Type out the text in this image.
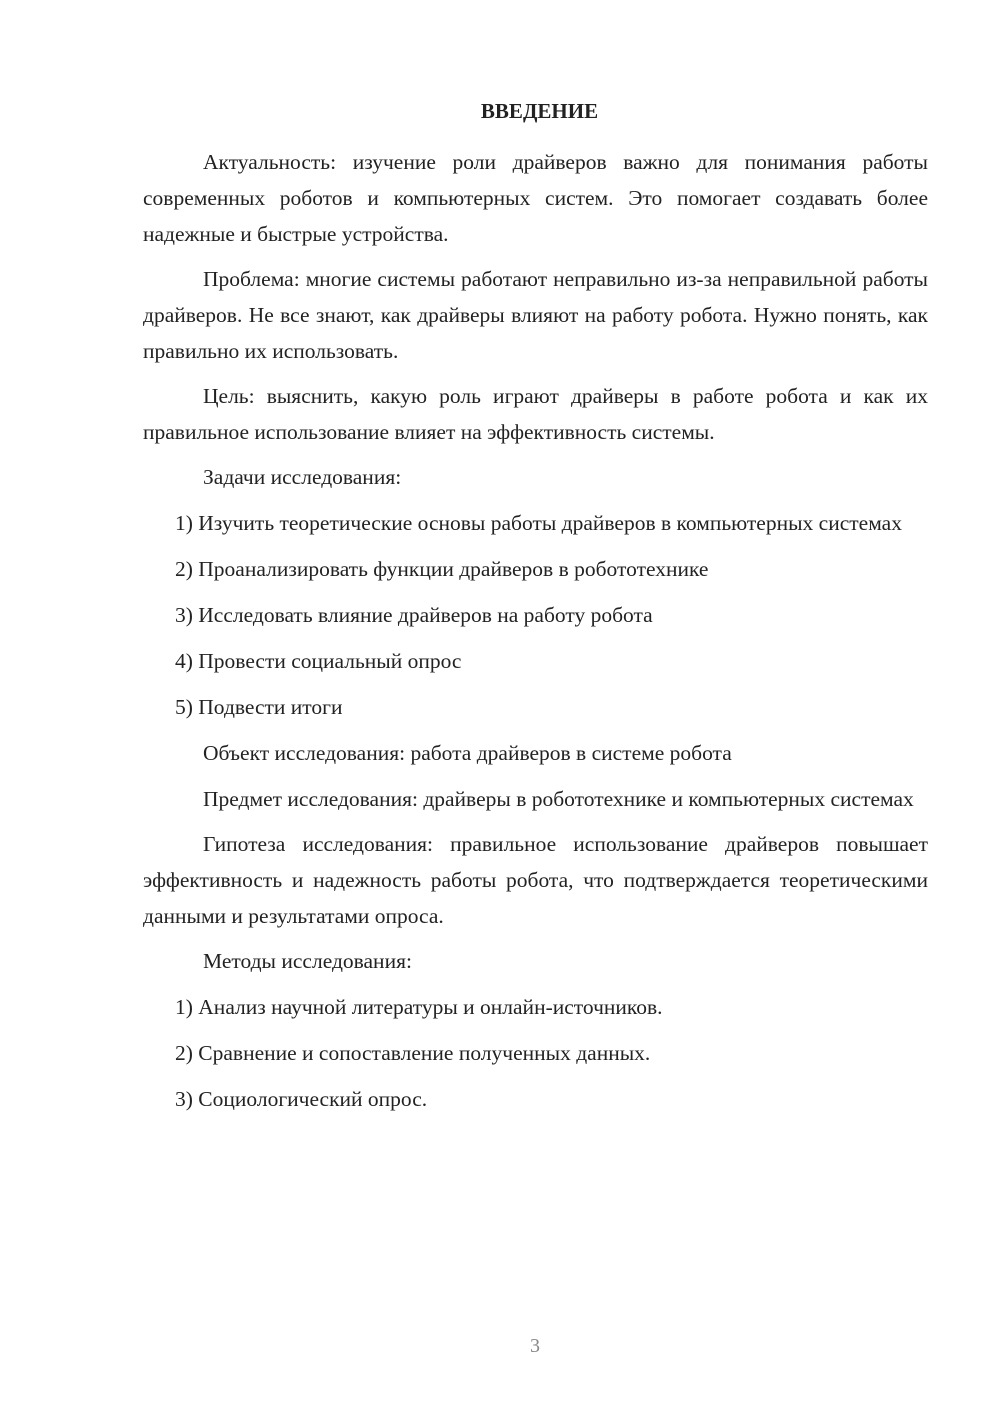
ВВЕДЕНИЕ

Актуальность: изучение роли драйверов важно для понимания работы современных роботов и компьютерных систем. Это помогает создавать более надежные и быстрые устройства.

Проблема: многие системы работают неправильно из-за неправильной работы драйверов. Не все знают, как драйверы влияют на работу робота. Нужно понять, как правильно их использовать.

Цель: выяснить, какую роль играют драйверы в работе робота и как их правильное использование влияет на эффективность системы.

Задачи исследования:

1) Изучить теоретические основы работы драйверов в компьютерных системах

2) Проанализировать функции драйверов в робототехнике

3) Исследовать влияние драйверов на работу робота

4) Провести социальный опрос

5) Подвести итоги

Объект исследования: работа драйверов в системе робота

Предмет исследования: драйверы в робототехнике и компьютерных системах

Гипотеза исследования: правильное использование драйверов повышает эффективность и надежность работы робота, что подтверждается теоретическими данными и результатами опроса.

Методы исследования:

1) Анализ научной литературы и онлайн-источников.

2) Сравнение и сопоставление полученных данных.

3) Социологический опрос.

3
